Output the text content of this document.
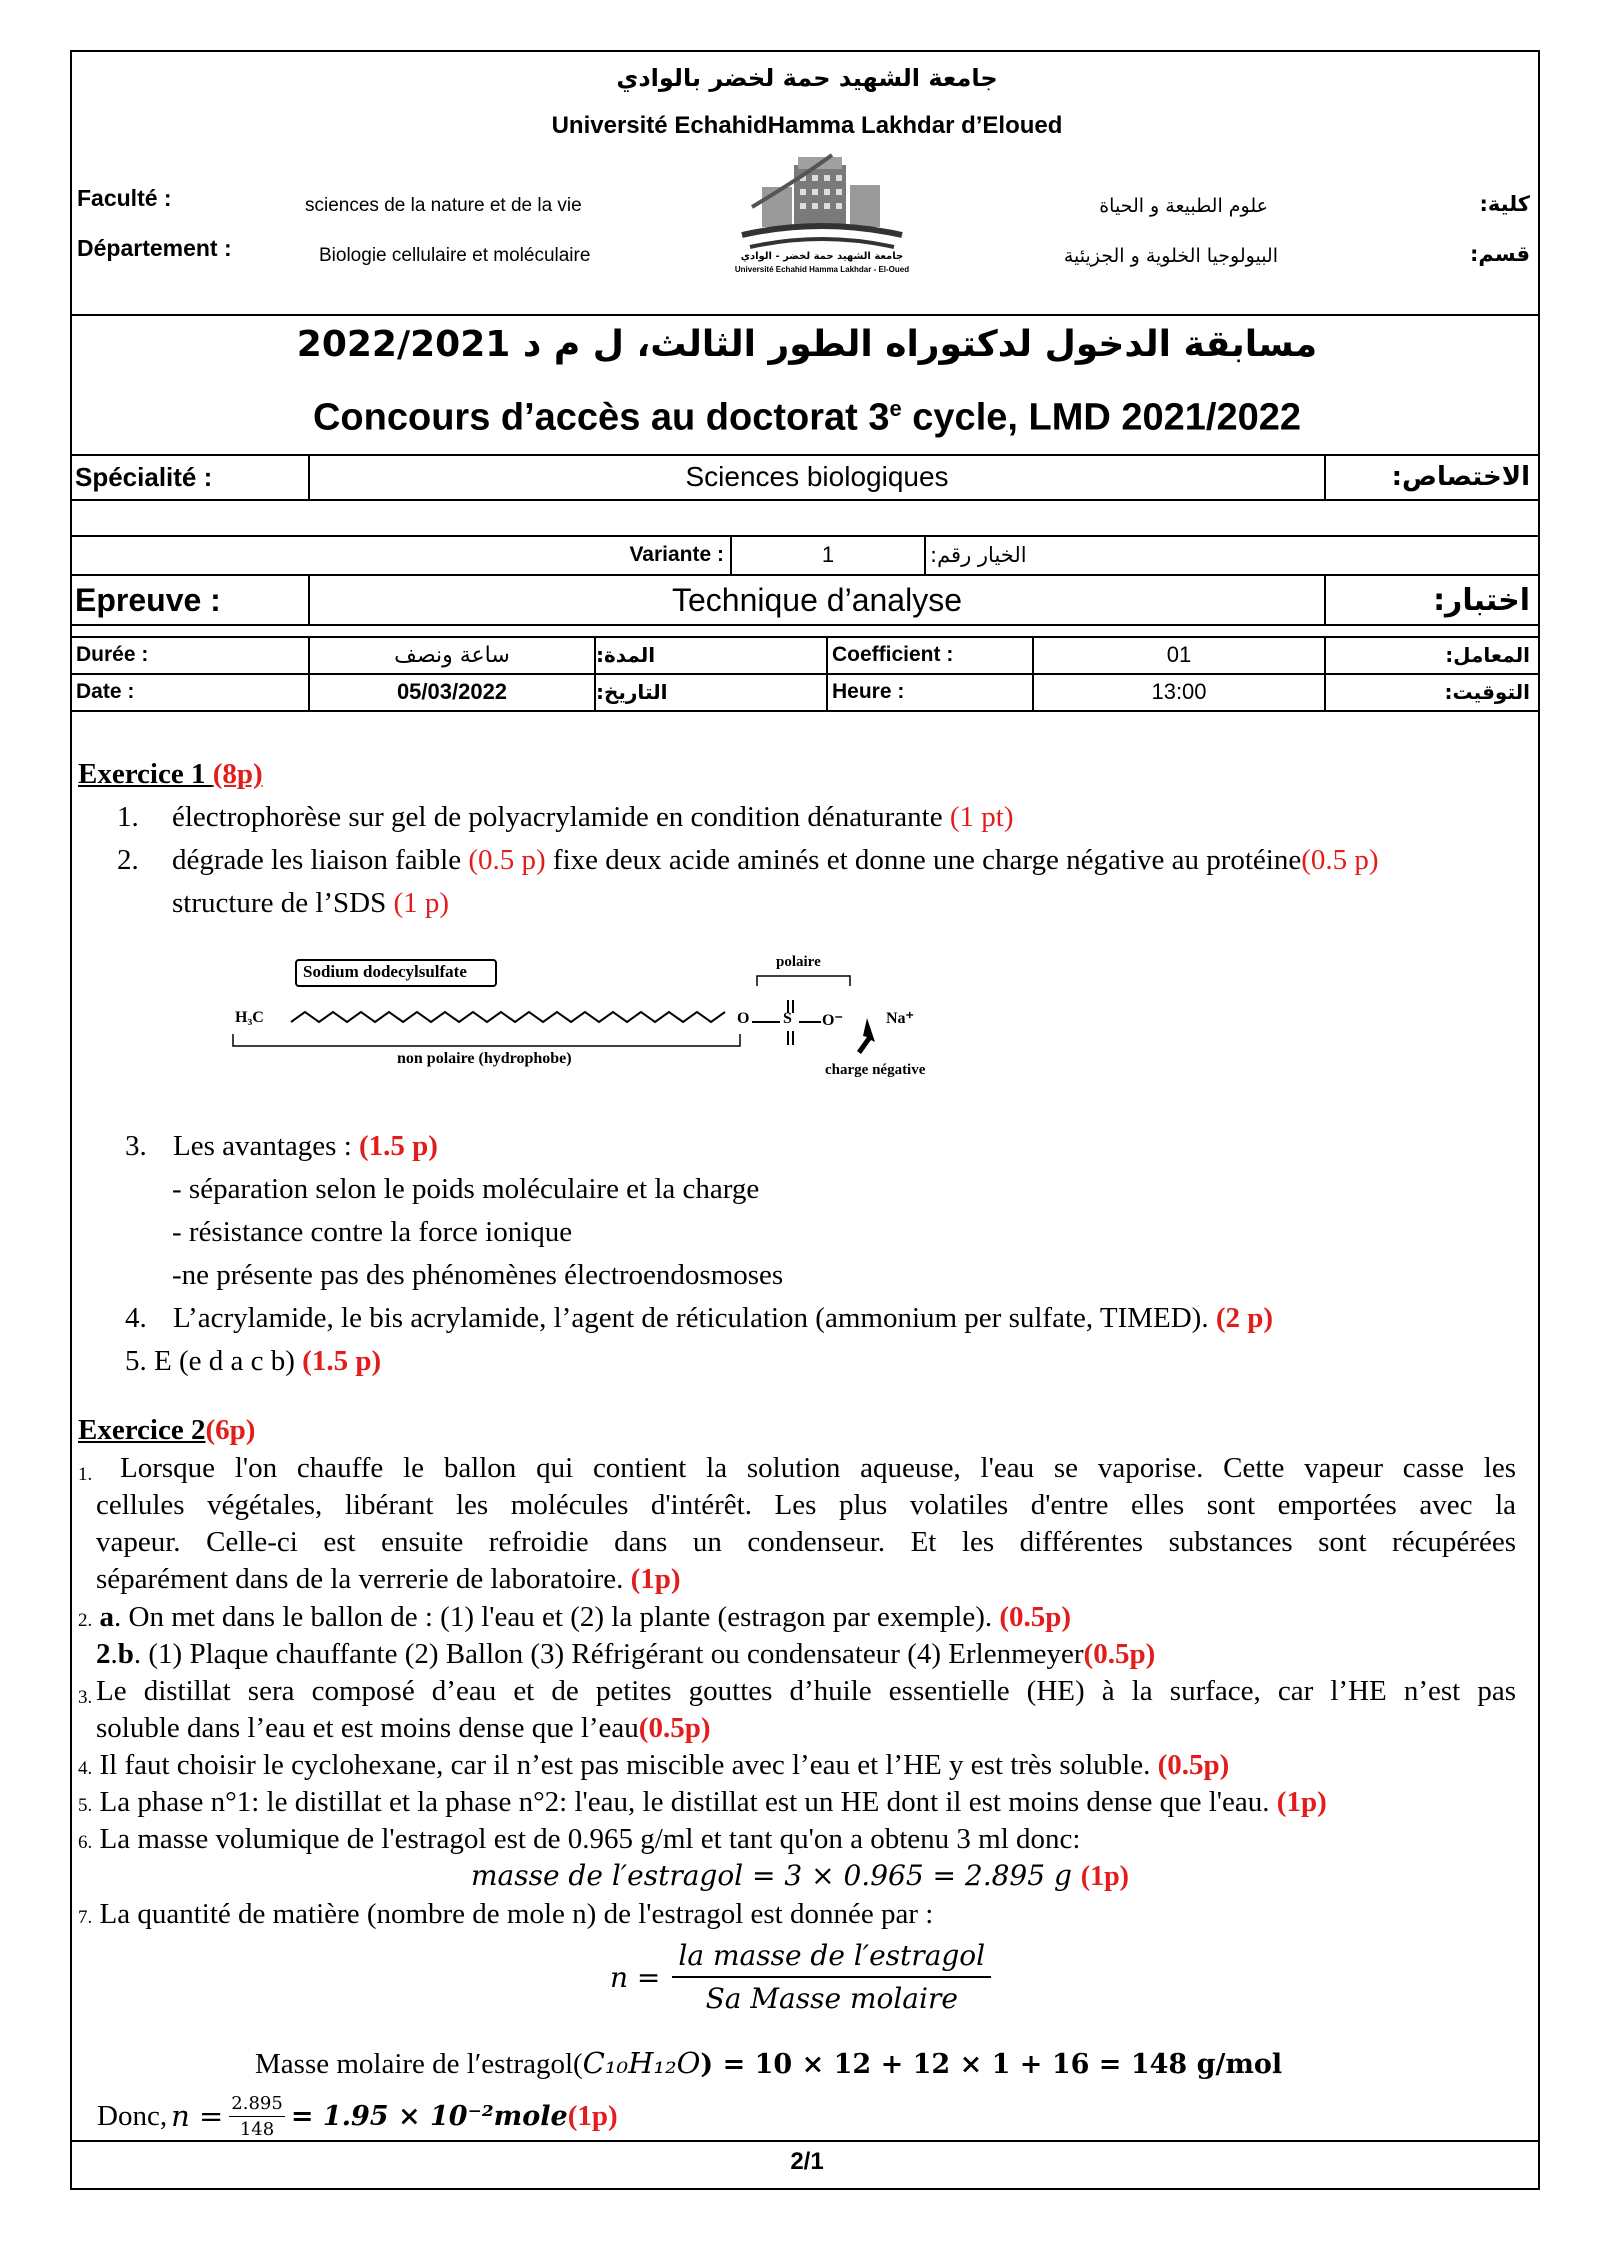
جامعة الشهيد حمة لخضر بالوادي
Université EchahidHamma Lakhdar d’Eloued
Faculté :	sciences de la nature et de la vie
Département :	Biologie cellulaire et moléculaire
علوم الطبيعة و الحياة	كلية:
البيولوجيا الخلوية و الجزيئية	قسم:
جامعة الشهيد حمة لخضر - الوادي
Université Echahid Hamma Lakhdar - El-Oued
مسابقة الدخول لدكتوراه الطور الثالث، ل م د 2022/2021
Concours d’accès au doctorat 3e cycle, LMD 2021/2022
Spécialité :	Sciences biologiques	الاختصاص:
Variante :	1	الخيار رقم:
Epreuve :	Technique d’analyse	اختبار:
Durée :	ساعة ونصف	المدة:	Coefficient :	01	المعامل:
Date :	05/03/2022	التاريخ:	Heure :	13:00	التوقيت:
2/1
Exercice 1 (8p)
1. électrophorèse sur gel de polyacrylamide en condition dénaturante (1 pt)
2. dégrade les liaison faible (0.5 p) fixe deux acide aminés et donne une charge négative au protéine(0.5 p)
structure de l’SDS (1 p)
Sodium dodecylsulfate
H₃C
polaire
non polaire (hydrophobe)
charge négative
Na⁺
O S O⁻
3. Les avantages : (1.5 p)
- séparation selon le poids moléculaire et la charge
- résistance contre la force ionique
-ne présente pas des phénomènes électroendosmoses
4. L’acrylamide, le bis acrylamide, l’agent de réticulation (ammonium per sulfate, TIMED). (2 p)
5. E (e d a c b) (1.5 p)
Exercice 2(6p)
1. Lorsque l'on chauffe le ballon qui contient la solution aqueuse, l'eau se vaporise. Cette vapeur casse les
cellules végétales, libérant les molécules d'intérêt. Les plus volatiles d'entre elles sont emportées avec la
vapeur. Celle-ci est ensuite refroidie dans un condenseur. Et les différentes substances sont récupérées
séparément dans de la verrerie de laboratoire. (1p)
2. a. On met dans le ballon de : (1) l'eau et (2) la plante (estragon par exemple). (0.5p)
2.b. (1) Plaque chauffante (2) Ballon (3) Réfrigérant ou condensateur (4) Erlenmeyer(0.5p)
3. Le distillat sera composé d’eau et de petites gouttes d’huile essentielle (HE) à la surface, car l’HE n’est pas
soluble dans l’eau et est moins dense que l’eau(0.5p)
4. Il faut choisir le cyclohexane, car il n’est pas miscible avec l’eau et l’HE y est très soluble. (0.5p)
5. La phase n°1: le distillat et la phase n°2: l'eau, le distillat est un HE dont il est moins dense que l'eau. (1p)
6. La masse volumique de l'estragol est de 0.965 g/ml et tant qu'on a obtenu 3 ml donc:
masse de l′estragol = 3 × 0.965 = 2.895 g (1p)
7. La quantité de matière (nombre de mole n) de l'estragol est donnée par :
n =
la masse de l′estragol
Sa Masse molaire
Masse molaire de l′estragol(C₁₀H₁₂O) = 10 × 12 + 12 × 1 + 16 = 148 g/mol
Donc, $n = \frac{2.895}{148} = 1.95$ × 10⁻²mole (1p)
